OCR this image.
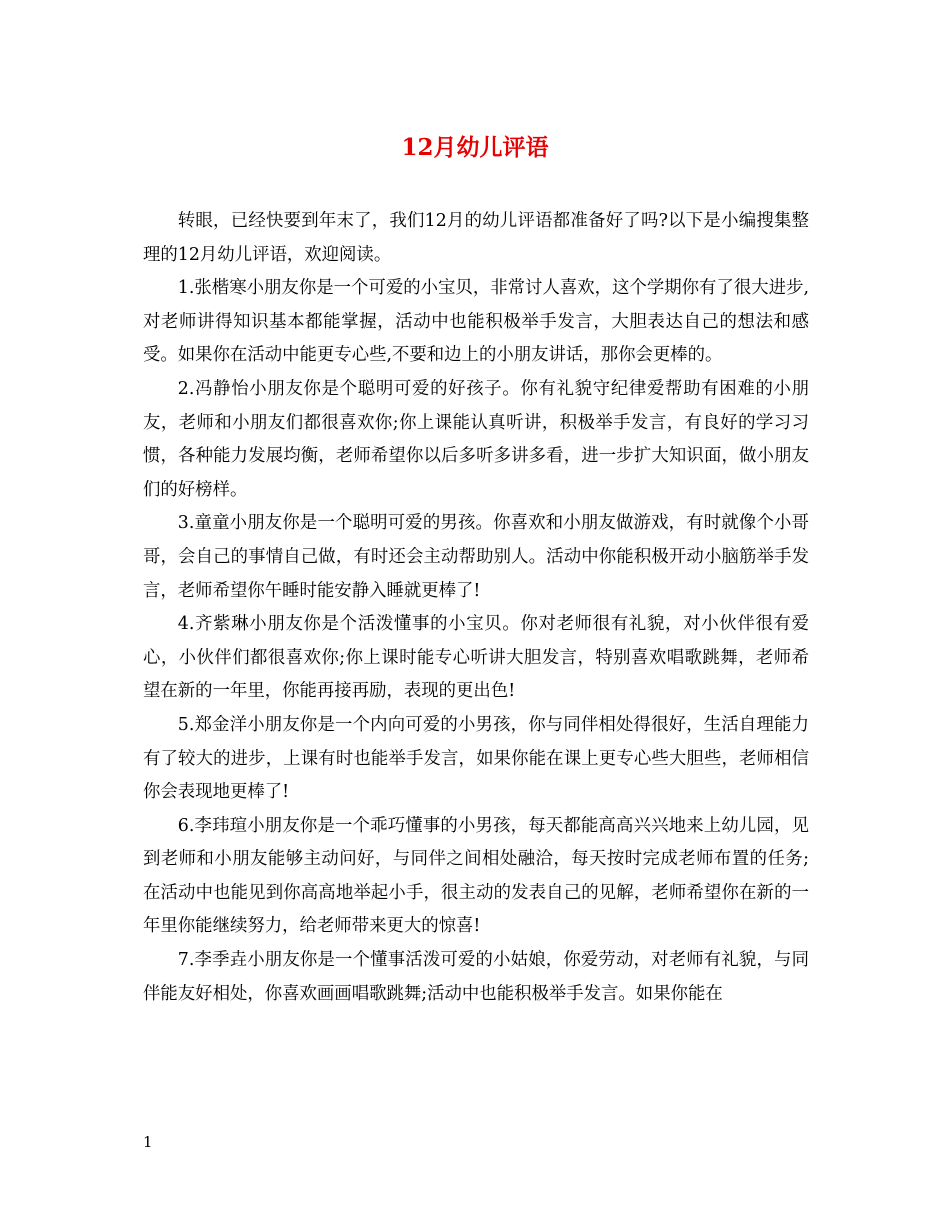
12月幼儿评语

转眼，已经快要到年末了，我们12月的幼儿评语都准备好了吗?以下是小编搜集整理的12月幼儿评语，欢迎阅读。

1.张楷寒小朋友你是一个可爱的小宝贝，非常讨人喜欢，这个学期你有了很大进步,对老师讲得知识基本都能掌握，活动中也能积极举手发言，大胆表达自己的想法和感受。如果你在活动中能更专心些,不要和边上的小朋友讲话，那你会更棒的。

2.冯静怡小朋友你是个聪明可爱的好孩子。你有礼貌守纪律爱帮助有困难的小朋友，老师和小朋友们都很喜欢你;你上课能认真听讲，积极举手发言，有良好的学习习惯，各种能力发展均衡，老师希望你以后多听多讲多看，进一步扩大知识面，做小朋友们的好榜样。

3.童童小朋友你是一个聪明可爱的男孩。你喜欢和小朋友做游戏，有时就像个小哥哥，会自己的事情自己做，有时还会主动帮助别人。活动中你能积极开动小脑筋举手发言，老师希望你午睡时能安静入睡就更棒了!

4.齐紫琳小朋友你是个活泼懂事的小宝贝。你对老师很有礼貌，对小伙伴很有爱心，小伙伴们都很喜欢你;你上课时能专心听讲大胆发言，特别喜欢唱歌跳舞，老师希望在新的一年里，你能再接再励，表现的更出色!

5.郑金洋小朋友你是一个内向可爱的小男孩，你与同伴相处得很好，生活自理能力有了较大的进步，上课有时也能举手发言，如果你能在课上更专心些大胆些，老师相信你会表现地更棒了!

6.李玮瑄小朋友你是一个乖巧懂事的小男孩，每天都能高高兴兴地来上幼儿园，见到老师和小朋友能够主动问好，与同伴之间相处融洽，每天按时完成老师布置的任务;在活动中也能见到你高高地举起小手，很主动的发表自己的见解，老师希望你在新的一年里你能继续努力，给老师带来更大的惊喜!

7.李季垚小朋友你是一个懂事活泼可爱的小姑娘，你爱劳动，对老师有礼貌，与同伴能友好相处，你喜欢画画唱歌跳舞;活动中也能积极举手发言。如果你能在

1
